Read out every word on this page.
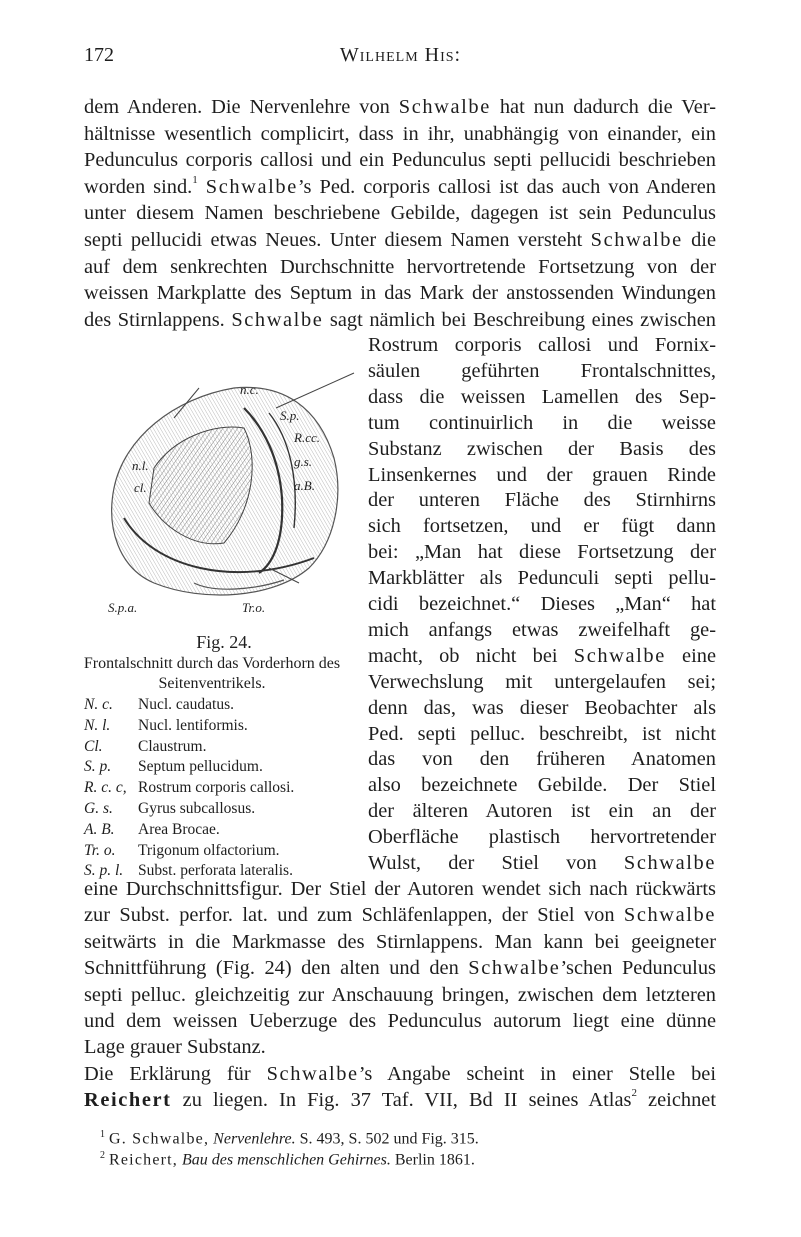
172	Wilhelm His:
dem Anderen. Die Nervenlehre von Schwalbe hat nun dadurch die Ver-
hältnisse wesentlich complicirt, dass in ihr, unabhängig von einander, ein
Pedunculus corporis callosi und ein Pedunculus septi pellucidi beschrieben
worden sind.$^1$ Schwalbe’s Ped. corporis callosi ist das auch von Anderen
unter diesem Namen beschriebene Gebilde, dagegen ist sein Pedunculus
septi pellucidi etwas Neues. Unter diesem Namen versteht Schwalbe die
auf dem senkrechten Durchschnitte hervortretende Fortsetzung von der
weissen Markplatte des Septum in das Mark der anstossenden Windungen
des Stirnlappens. Schwalbe sagt nämlich bei Beschreibung eines zwischen
Rostrum corporis callosi und Fornix-
säulen geführten Frontalschnittes,
dass die weissen Lamellen des Sep-
tum continuirlich in die weisse
Substanz zwischen der Basis des
Linsenkernes und der grauen Rinde
der unteren Fläche des Stirnhirns
sich fortsetzen, und er fügt dann
bei: „Man hat diese Fortsetzung der
Markblätter als Pedunculi septi pellu-
cidi bezeichnet.“ Dieses „Man“ hat
mich anfangs etwas zweifelhaft ge-
macht, ob nicht bei Schwalbe eine
Verwechslung mit untergelaufen sei;
denn das, was dieser Beobachter als
Ped. septi pelluc. beschreibt, ist nicht
das von den früheren Anatomen
also bezeichnete Gebilde. Der Stiel
der älteren Autoren ist ein an der
Oberfläche plastisch hervortretender
Wulst, der Stiel von Schwalbe
eine Durchschnittsfigur. Der Stiel der Autoren wendet sich nach rückwärts
zur Subst. perfor. lat. und zum Schläfenlappen, der Stiel von Schwalbe
seitwärts in die Markmasse des Stirnlappens. Man kann bei geeigneter
Schnittführung (Fig. 24) den alten und den Schwalbe’schen Pedunculus
septi pelluc. gleichzeitig zur Anschauung bringen, zwischen dem letzteren
und dem weissen Ueberzuge des Pedunculus autorum liegt eine dünne
Lage grauer Substanz.
Die Erklärung für Schwalbe’s Angabe scheint in einer Stelle bei
Reichert zu liegen. In Fig. 37 Taf. VII, Bd II seines Atlas$^2$ zeichnet
n.c.
S.p.
R.cc.
n.l.	g.s.
cl.	a.B.
S.p.a.	Tr.o.
Fig. 24.
Frontalschnitt durch das Vorderhorn des Seitenventrikels.
N. c.	Nucl. caudatus.
N. l.	Nucl. lentiformis.
Cl.	Claustrum.
S. p.	Septum pellucidum.
R. c. c, Rostrum corporis callosi.
G. s.	Gyrus subcallosus.
A. B.	Area Brocae.
Tr. o.	Trigonum olfactorium.
S. p. l. Subst. perforata lateralis.
$^1$ G. Schwalbe, Nervenlehre. S. 493, S. 502 und Fig. 315.
$^2$ Reichert, Bau des menschlichen Gehirnes. Berlin 1861.
